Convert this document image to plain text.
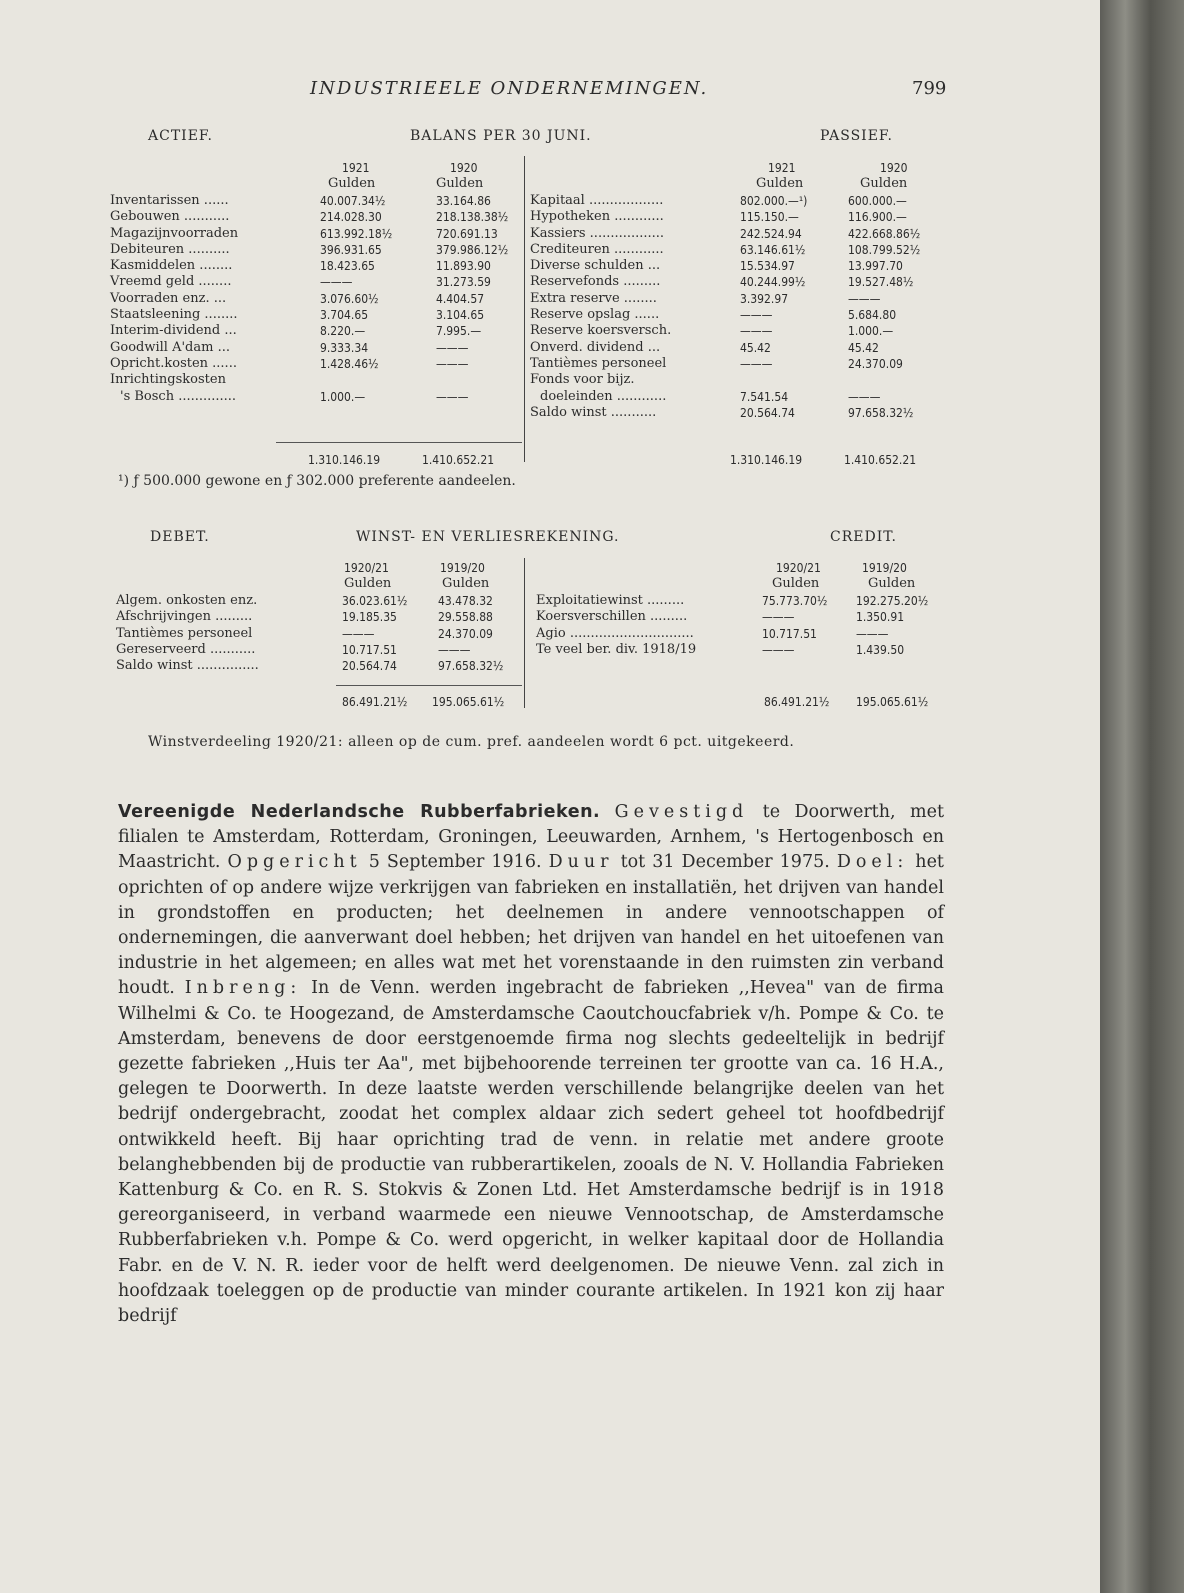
INDUSTRIEELE ONDERNEMINGEN.	799
ACTIEF.	BALANS PER 30 JUNI.	PASSIEF.
1921	1920
Gulden	Gulden
1921	1920
Gulden	Gulden
Inventarissen ......	40.007.34½	33.164.86
Gebouwen ...........	214.028.30	218.138.38½
Magazijnvoorraden	613.992.18½	720.691.13
Debiteuren ..........	396.931.65	379.986.12½
Kasmiddelen ........	18.423.65	11.893.90
Vreemd geld ........	———	31.273.59
Voorraden enz. ...	3.076.60½	4.404.57
Staatsleening ........	3.704.65	3.104.65
Interim-dividend ...	8.220.—	7.995.—
Goodwill A'dam ...	9.333.34	———
Opricht.kosten ......	1.428.46½	———
Inrichtingskosten
's Bosch ..............	1.000.—	———
Kapitaal ..................	802.000.—¹)	600.000.—
Hypotheken ............	115.150.—	116.900.—
Kassiers ..................	242.524.94	422.668.86½
Crediteuren ............	63.146.61½	108.799.52½
Diverse schulden ...	15.534.97	13.997.70
Reservefonds .........	40.244.99½	19.527.48½
Extra reserve ........	3.392.97	———
Reserve opslag ......	———	5.684.80
Reserve koersversch.	———	1.000.—
Onverd. dividend ...	45.42	45.42
Tantièmes personeel	———	24.370.09
Fonds voor bijz.
doeleinden ............	7.541.54	———
Saldo winst ...........	20.564.74	97.658.32½
1.310.146.19	1.410.652.21	1.310.146.19	1.410.652.21
¹) ƒ 500.000 gewone en ƒ 302.000 preferente aandeelen.
DEBET.	WINST- EN VERLIESREKENING.	CREDIT.
1920/21	1919/20
Gulden	Gulden
1920/21	1919/20
Gulden	Gulden
Algem. onkosten enz.	36.023.61½	43.478.32
Afschrijvingen .........	19.185.35	29.558.88
Tantièmes personeel	———	24.370.09
Gereserveerd ...........	10.717.51	———
Saldo winst ...............	20.564.74	97.658.32½
Exploitatiewinst .........	75.773.70½ 192.275.20½
Koersverschillen .........	———	1.350.91
Agio ..............................	10.717.51	———
Te veel ber. div. 1918/19	———	1.439.50
86.491.21½ 195.065.61½	86.491.21½ 195.065.61½
Winstverdeeling 1920/21: alleen op de cum. pref. aandeelen wordt 6 pct. uitgekeerd.
Vereenigde Nederlandsche Rubberfabrieken. Gevestigd te Doorwerth, met filialen te Amsterdam, Rotterdam, Groningen, Leeuwarden, Arnhem, 's Hertogenbosch en Maastricht. Opgericht 5 September 1916. Duur tot 31 December 1975. Doel: het oprichten of op andere wijze verkrijgen van fabrieken en installatiën, het drijven van handel in grondstoffen en producten; het deelnemen in andere vennootschappen of ondernemingen, die aanverwant doel hebben; het drijven van handel en het uitoefenen van industrie in het algemeen; en alles wat met het vorenstaande in den ruimsten zin verband houdt. Inbreng: In de Venn. werden ingebracht de fabrieken ,,Hevea" van de firma Wilhelmi & Co. te Hoogezand, de Amsterdamsche Caoutchoucfabriek v/h. Pompe & Co. te Amsterdam, benevens de door eerstgenoemde firma nog slechts gedeeltelijk in bedrijf gezette fabrieken ,,Huis ter Aa", met bijbehoorende terreinen ter grootte van ca. 16 H.A., gelegen te Doorwerth. In deze laatste werden verschillende belangrijke deelen van het bedrijf ondergebracht, zoodat het complex aldaar zich sedert geheel tot hoofdbedrijf ontwikkeld heeft. Bij haar oprichting trad de venn. in relatie met andere groote belanghebbenden bij de productie van rubberartikelen, zooals de N. V. Hollandia Fabrieken Kattenburg & Co. en R. S. Stokvis & Zonen Ltd. Het Amsterdamsche bedrijf is in 1918 gereorganiseerd, in verband waarmede een nieuwe Vennootschap, de Amsterdamsche Rubberfabrieken v.h. Pompe & Co. werd opgericht, in welker kapitaal door de Hollandia Fabr. en de V. N. R. ieder voor de helft werd deelgenomen. De nieuwe Venn. zal zich in hoofdzaak toeleggen op de productie van minder courante artikelen. In 1921 kon zij haar bedrijf
